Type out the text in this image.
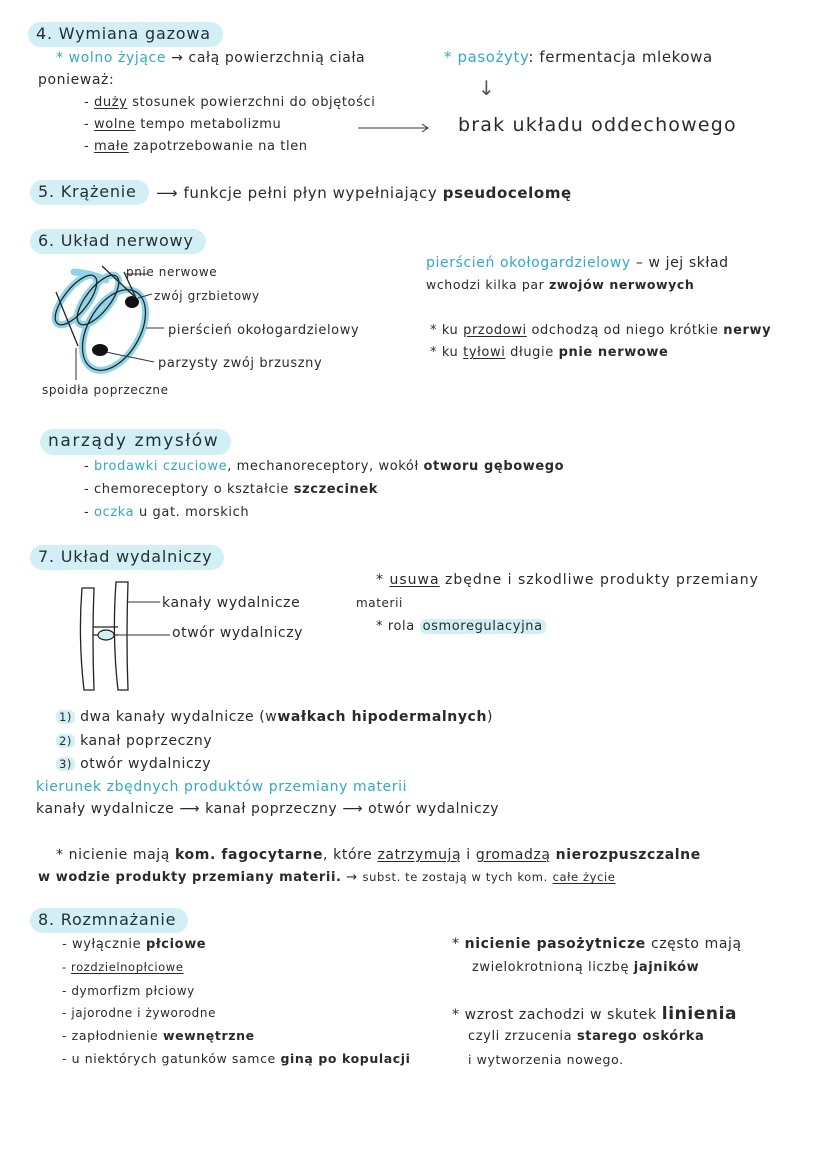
4. Wymiana gazowa
* wolno żyjące → całą powierzchnią ciała
ponieważ:
- duży stosunek powierzchni do objętości
- wolne tempo metabolizmu
- małe zapotrzebowanie na tlen
* pasożyty: fermentacja mlekowa
↓
brak układu oddechowego
5. Krążenie	⟶ funkcje pełni płyn wypełniający pseudocelomę
6. Układ nerwowy
pnie nerwowe
zwój grzbietowy
pierścień okołogardzielowy
parzysty zwój brzuszny
spoidła poprzeczne
pierścień okołogardzielowy – w jej skład
wchodzi kilka par zwojów nerwowych
* ku przodowi odchodzą od niego krótkie nerwy
* ku tyłowi długie pnie nerwowe
narządy zmysłów
- brodawki czuciowe, mechanoreceptory, wokół otworu gębowego
- chemoreceptory o kształcie szczecinek
- oczka u gat. morskich
7. Układ wydalniczy
kanały wydalnicze
otwór wydalniczy
* usuwa zbędne i szkodliwe produkty przemiany
materii
* rola osmoregulacyjna
1) dwa kanały wydalnicze (wwałkach hipodermalnych)
2) kanał poprzeczny
3) otwór wydalniczy
kierunek zbędnych produktów przemiany materii
kanały wydalnicze ⟶ kanał poprzeczny ⟶ otwór wydalniczy
* nicienie mają kom. fagocytarne, które zatrzymują i gromadzą nierozpuszczalne
w wodzie produkty przemiany materii. → subst. te zostają w tych kom. całe życie
8. Rozmnażanie
- wyłącznie płciowe
- rozdzielnopłciowe
- dymorfizm płciowy
- jajorodne i żyworodne
- zapłodnienie wewnętrzne
- u niektórych gatunków samce giną po kopulacji
* nicienie pasożytnicze często mają
zwielokrotnioną liczbę jajników
* wzrost zachodzi w skutek linienia
czyli zrzucenia starego oskórka
i wytworzenia nowego.
